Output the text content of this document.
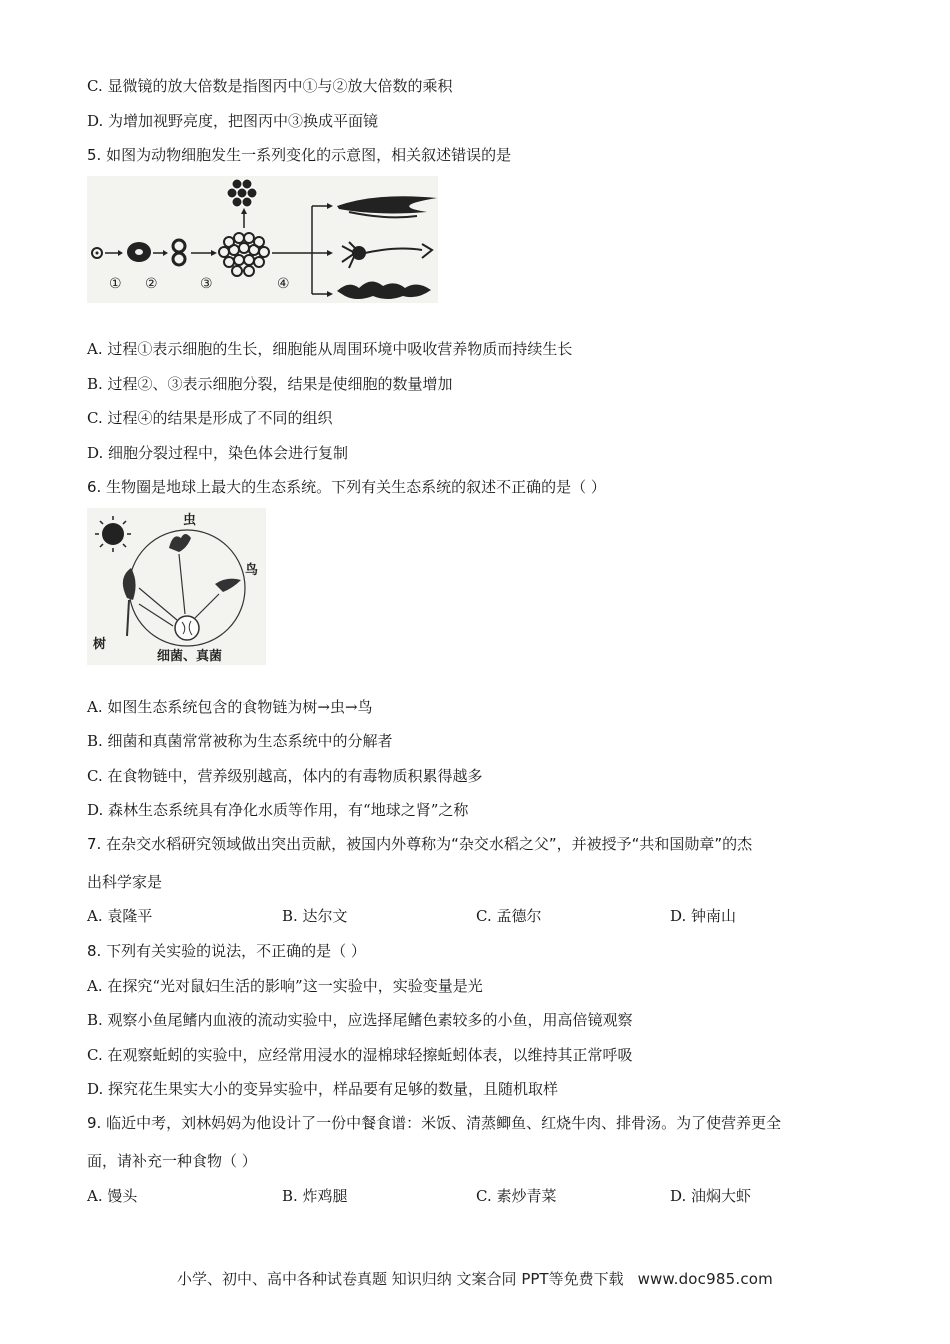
C. 显微镜的放大倍数是指图丙中①与②放大倍数的乘积
D. 为增加视野亮度，把图丙中③换成平面镜
5. 如图为动物细胞发生一系列变化的示意图，相关叙述错误的是
① ②	③	④
A. 过程①表示细胞的生长，细胞能从周围环境中吸收营养物质而持续生长
B. 过程②、③表示细胞分裂，结果是使细胞的数量增加
C. 过程④的结果是形成了不同的组织
D. 细胞分裂过程中，染色体会进行复制
6. 生物圈是地球上最大的生态系统。下列有关生态系统的叙述不正确的是（ ）
虫
鸟
树
细菌、真菌
A. 如图生态系统包含的食物链为树→虫→鸟
B. 细菌和真菌常常被称为生态系统中的分解者
C. 在食物链中，营养级别越高，体内的有毒物质积累得越多
D. 森林生态系统具有净化水质等作用，有“地球之肾”之称
7. 在杂交水稻研究领域做出突出贡献，被国内外尊称为“杂交水稻之父”，并被授予“共和国勋章”的杰
出科学家是
A. 袁隆平	B. 达尔文	C. 孟德尔	D. 钟南山
8. 下列有关实验的说法，不正确的是（ ）
A. 在探究“光对鼠妇生活的影响”这一实验中，实验变量是光
B. 观察小鱼尾鳍内血液的流动实验中，应选择尾鳍色素较多的小鱼，用高倍镜观察
C. 在观察蚯蚓的实验中，应经常用浸水的湿棉球轻擦蚯蚓体表，以维持其正常呼吸
D. 探究花生果实大小的变异实验中，样品要有足够的数量，且随机取样
9. 临近中考，刘林妈妈为他设计了一份中餐食谱：米饭、清蒸鲫鱼、红烧牛肉、排骨汤。为了使营养更全
面，请补充一种食物（ ）
A. 馒头	B. 炸鸡腿	C. 素炒青菜	D. 油焖大虾
小学、初中、高中各种试卷真题 知识归纳 文案合同 PPT等免费下载 www.doc985.com
